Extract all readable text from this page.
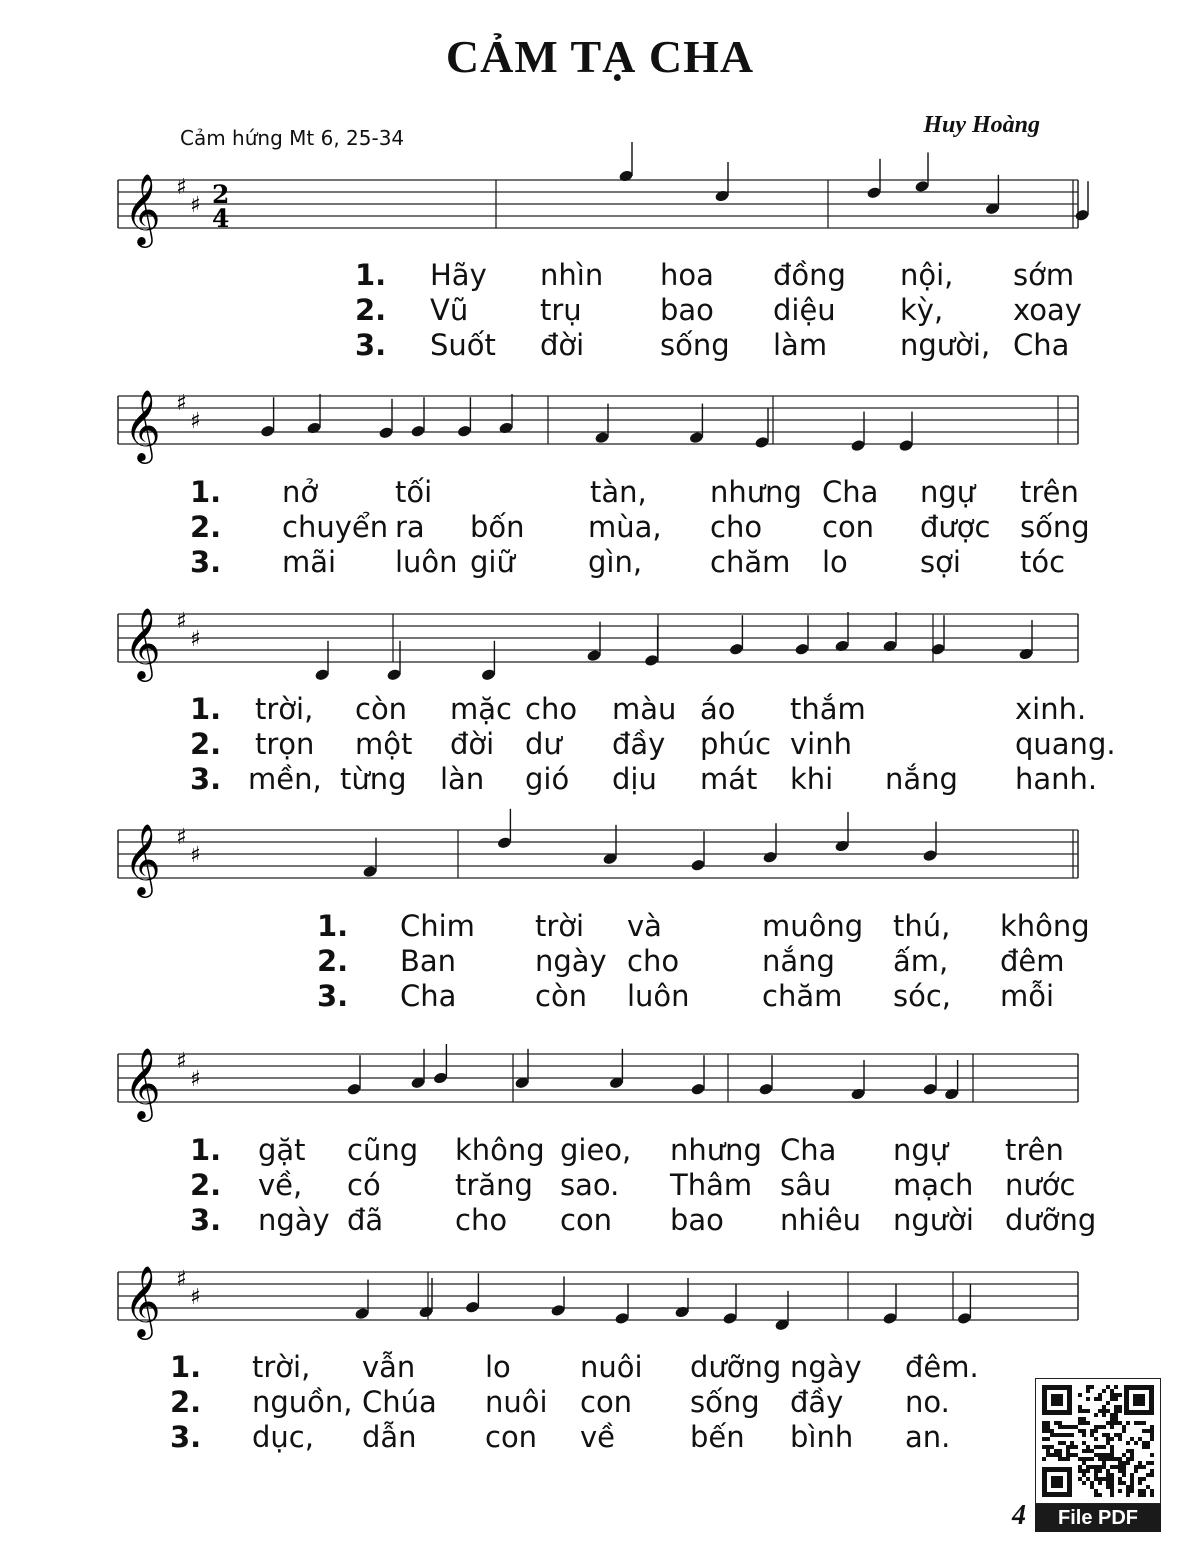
CẢM TẠ CHA
Huy Hoàng
Cảm hứng Mt 6, 25-34
𝄞 ♯
♯ 2
4
𝄞 ♯
♯
𝄞 ♯
♯
𝄞 ♯
♯
𝄞 ♯
♯
𝄞 ♯
♯
1. Hãy nhìn hoa đồng nội, sớm
2. Vũ trụ	bao diệu kỳ, xoay
3. Suốt đời	sống làm	người, Cha
1. nở	tối	tàn, nhưng Cha ngự trên
2. chuyển ra bốn mùa, cho con được sống
3. mãi luôn giữ	gìn, chăm lo sợi tóc
1. trời, còn mặc cho màu áo thắm	xinh.
2. trọn một đời dư đầy phúc vinh	quang.
3. mền, từng làn gió dịu mát khi nắng hanh.
1. Chim trời và	muông thú, không
2. Ban	ngày cho	nắng ấm, đêm
3. Cha	còn luôn chăm sóc, mỗi
1. gặt cũng không gieo, nhưng Cha ngự trên
2. về, có	trăng sao. Thâm sâu mạch nước
3. ngày đã cho con bao nhiêu người dưỡng
1. trời, vẫn lo nuôi dưỡng ngày đêm.
2. nguồn, Chúa nuôi con sống đầy no.
3. dục, dẫn con về	bến bình an.
File PDF
4
